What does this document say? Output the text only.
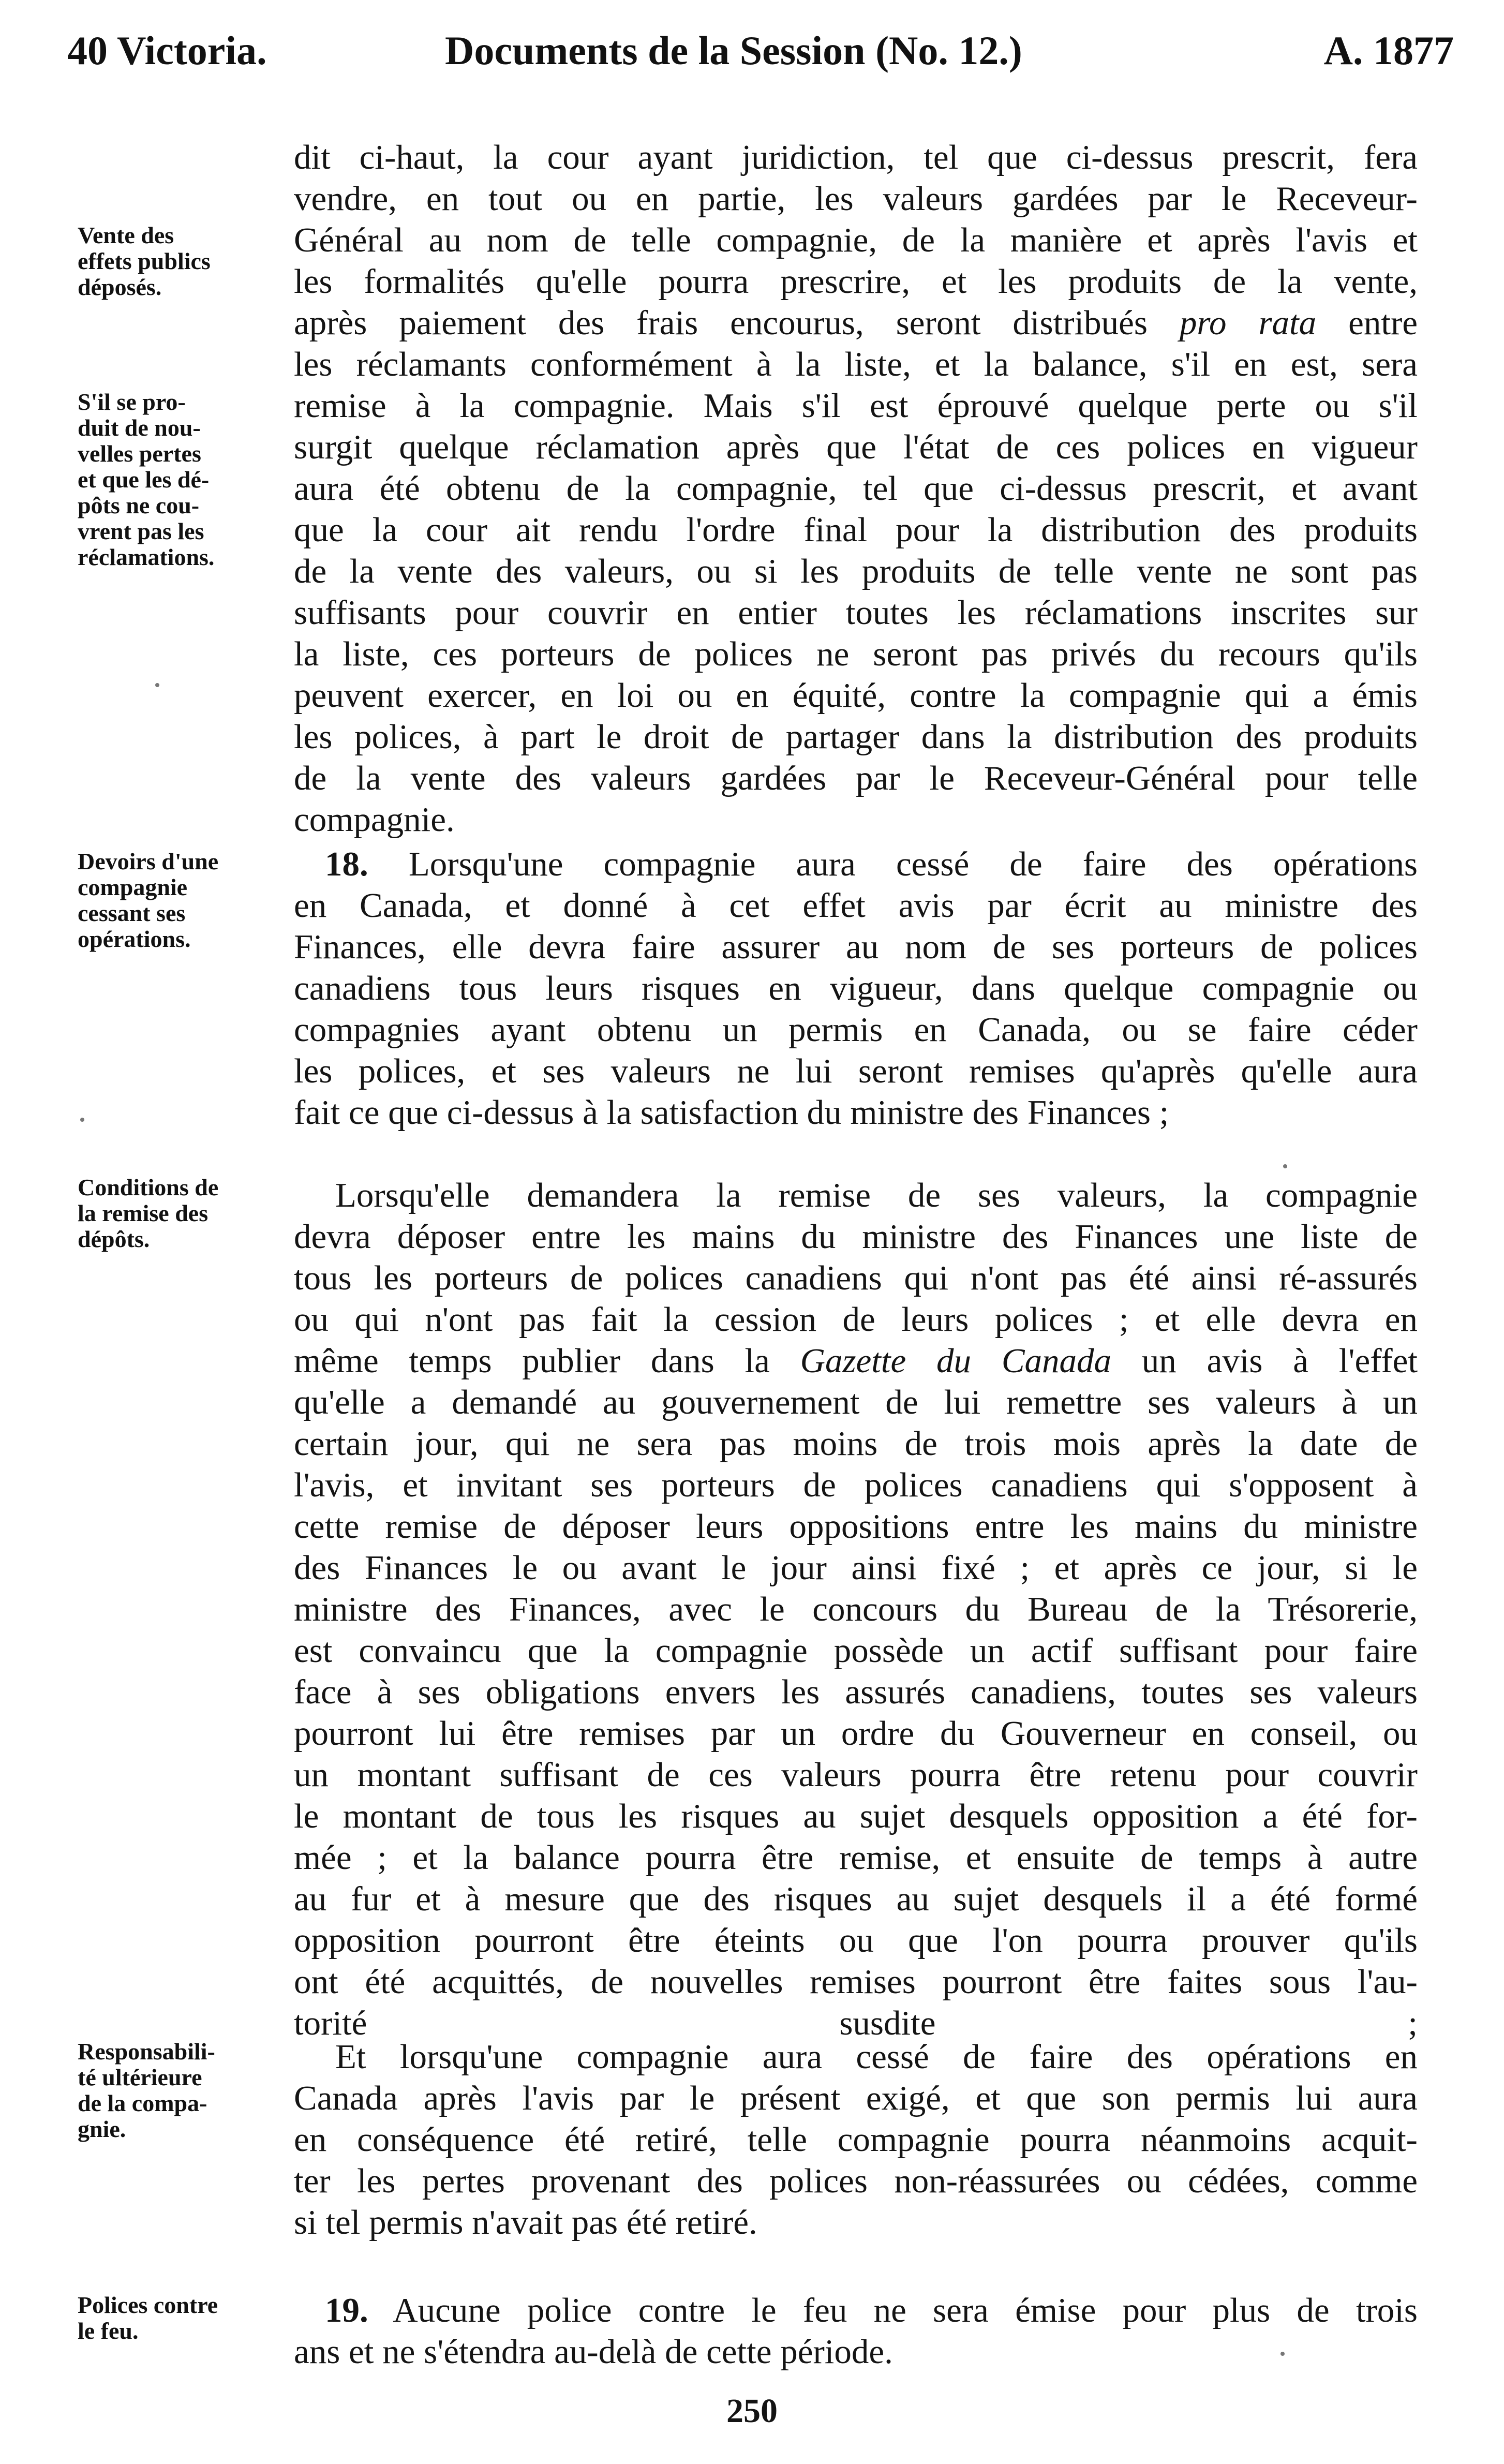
40 Victoria.	Documents de la Session (No. 12.)	A. 1877
Vente des
effets publics
déposés.
S'il se pro-
duit de nou-
velles pertes
et que les dé-
pôts ne cou-
vrent pas les
réclamations.
Devoirs d'une
compagnie
cessant ses
opérations.
Conditions de
la remise des
dépôts.
Responsabili-
té ultérieure
de la compa-
gnie.
Polices contre
le feu.
dit ci-haut, la cour ayant juridiction, tel que ci-dessus prescrit, fera
vendre, en tout ou en partie, les valeurs gardées par le Receveur-
Général au nom de telle compagnie, de la manière et après l'avis et
les formalités qu'elle pourra prescrire, et les produits de la vente,
après paiement des frais encourus, seront distribués pro rata entre
les réclamants conformément à la liste, et la balance, s'il en est, sera
remise à la compagnie. Mais s'il est éprouvé quelque perte ou s'il
surgit quelque réclamation après que l'état de ces polices en vigueur
aura été obtenu de la compagnie, tel que ci-dessus prescrit, et avant
que la cour ait rendu l'ordre final pour la distribution des produits
de la vente des valeurs, ou si les produits de telle vente ne sont pas
suffisants pour couvrir en entier toutes les réclamations inscrites sur
la liste, ces porteurs de polices ne seront pas privés du recours qu'ils
peuvent exercer, en loi ou en équité, contre la compagnie qui a émis
les polices, à part le droit de partager dans la distribution des produits
de la vente des valeurs gardées par le Receveur-Général pour telle
compagnie.
18. Lorsqu'une compagnie aura cessé de faire des opérations
en Canada, et donné à cet effet avis par écrit au ministre des
Finances, elle devra faire assurer au nom de ses porteurs de polices
canadiens tous leurs risques en vigueur, dans quelque compagnie ou
compagnies ayant obtenu un permis en Canada, ou se faire céder
les polices, et ses valeurs ne lui seront remises qu'après qu'elle aura
fait ce que ci-dessus à la satisfaction du ministre des Finances ;
Lorsqu'elle demandera la remise de ses valeurs, la compagnie
devra déposer entre les mains du ministre des Finances une liste de
tous les porteurs de polices canadiens qui n'ont pas été ainsi ré-assurés
ou qui n'ont pas fait la cession de leurs polices ; et elle devra en
même temps publier dans la Gazette du Canada un avis à l'effet
qu'elle a demandé au gouvernement de lui remettre ses valeurs à un
certain jour, qui ne sera pas moins de trois mois après la date de
l'avis, et invitant ses porteurs de polices canadiens qui s'opposent à
cette remise de déposer leurs oppositions entre les mains du ministre
des Finances le ou avant le jour ainsi fixé ; et après ce jour, si le
ministre des Finances, avec le concours du Bureau de la Trésorerie,
est convaincu que la compagnie possède un actif suffisant pour faire
face à ses obligations envers les assurés canadiens, toutes ses valeurs
pourront lui être remises par un ordre du Gouverneur en conseil, ou
un montant suffisant de ces valeurs pourra être retenu pour couvrir
le montant de tous les risques au sujet desquels opposition a été for-
mée ; et la balance pourra être remise, et ensuite de temps à autre
au fur et à mesure que des risques au sujet desquels il a été formé
opposition pourront être éteints ou que l'on pourra prouver qu'ils
ont été acquittés, de nouvelles remises pourront être faites sous l'au-
torité susdite ;
Et lorsqu'une compagnie aura cessé de faire des opérations en
Canada après l'avis par le présent exigé, et que son permis lui aura
en conséquence été retiré, telle compagnie pourra néanmoins acquit-
ter les pertes provenant des polices non-réassurées ou cédées, comme
si tel permis n'avait pas été retiré.
19. Aucune police contre le feu ne sera émise pour plus de trois
ans et ne s'étendra au-delà de cette période.
250
